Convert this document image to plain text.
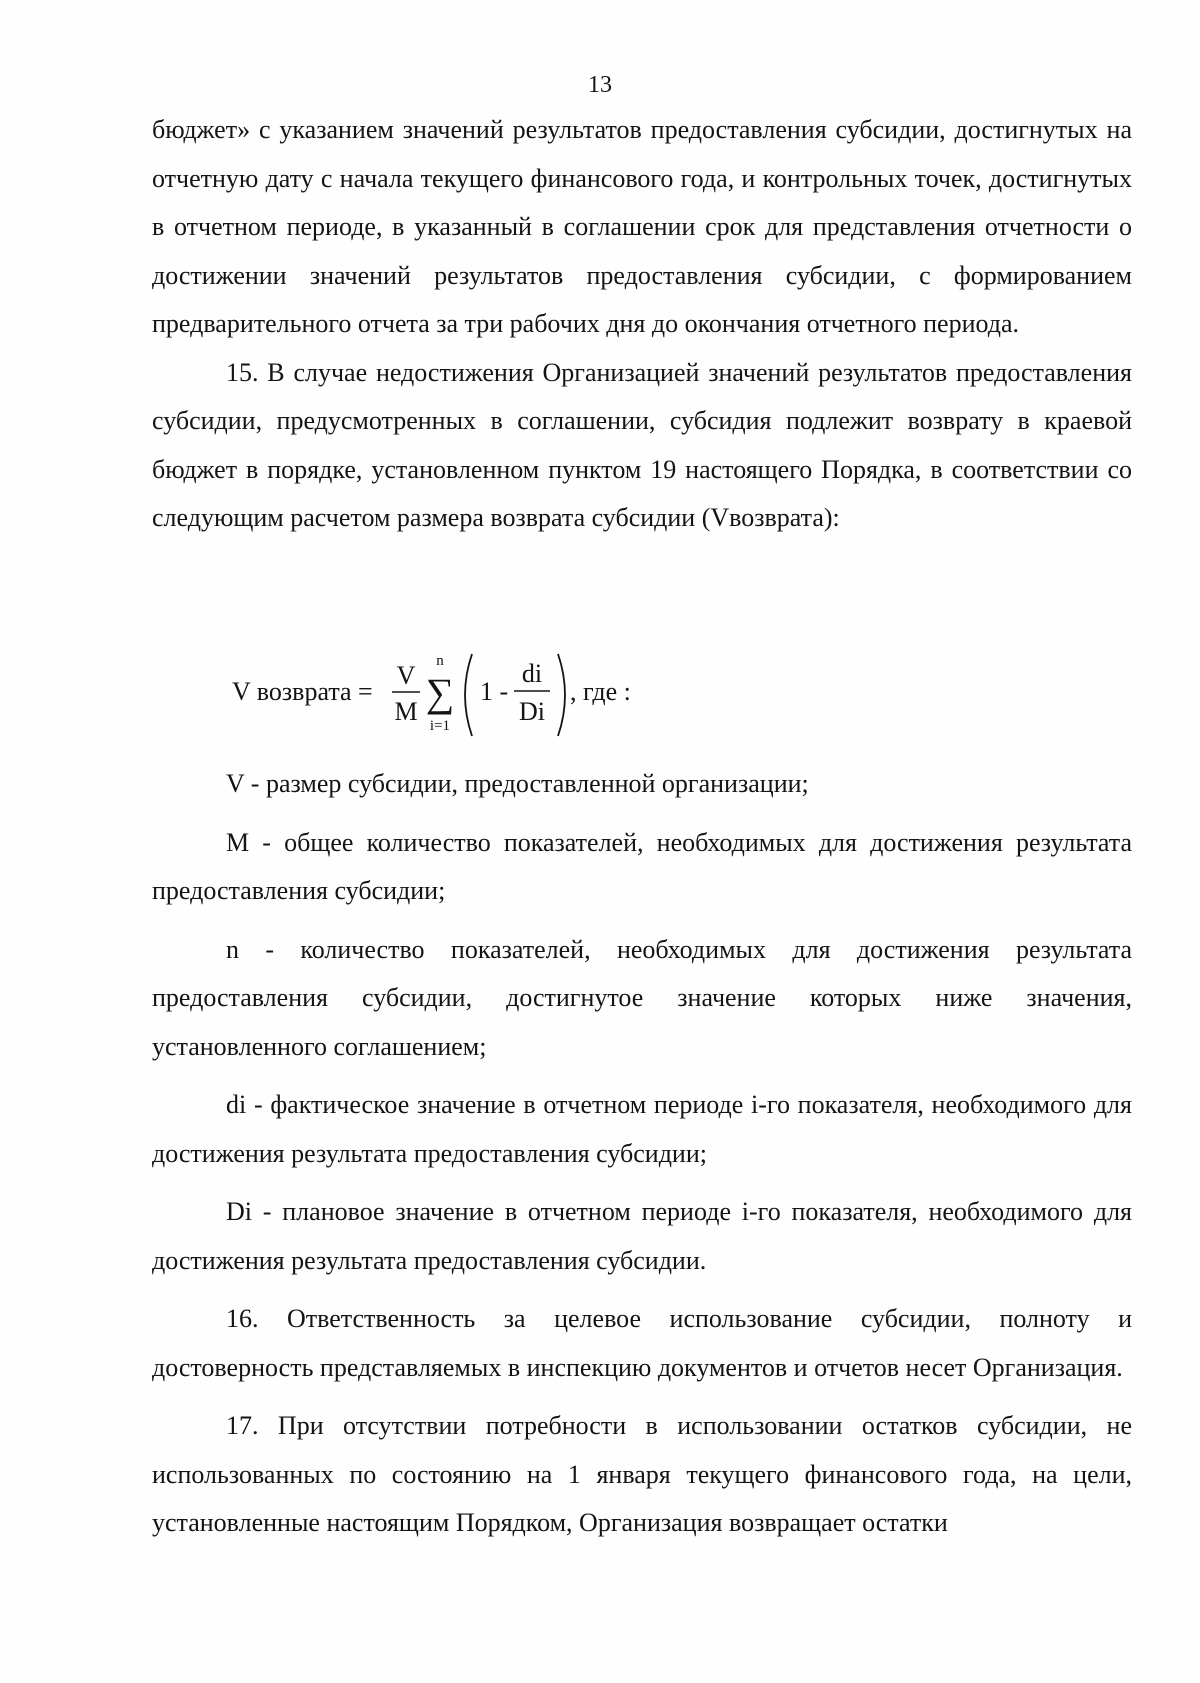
13

бюджет» с указанием значений результатов предоставления субсидии, достигнутых на отчетную дату с начала текущего финансового года, и контрольных точек, достигнутых в отчетном периоде, в указанный в соглашении срок для представления отчетности о достижении значений результатов предоставления субсидии, с формированием предварительного отчета за три рабочих дня до окончания отчетного периода.

15. В случае недостижения Организацией значений результатов предоставления субсидии, предусмотренных в соглашении, субсидия подлежит возврату в краевой бюджет в порядке, установленном пунктом 19 настоящего Порядка, в соответствии со следующим расчетом размера возврата субсидии (Vвозврата):

V возврата =
V
M
n
∑
i=1
1 -
di
Di
, где :

V - размер субсидии, предоставленной организации;

M - общее количество показателей, необходимых для достижения результата предоставления субсидии;

n - количество показателей, необходимых для достижения результата предоставления субсидии, достигнутое значение которых ниже значения, установленного соглашением;

di - фактическое значение в отчетном периоде i-го показателя, необходимого для достижения результата предоставления субсидии;

Di - плановое значение в отчетном периоде i-го показателя, необходимого для достижения результата предоставления субсидии.

16. Ответственность за целевое использование субсидии, полноту и достоверность представляемых в инспекцию документов и отчетов несет Организация.

17. При отсутствии потребности в использовании остатков субсидии, не использованных по состоянию на 1 января текущего финансового года, на цели, установленные настоящим Порядком, Организация возвращает остатки
